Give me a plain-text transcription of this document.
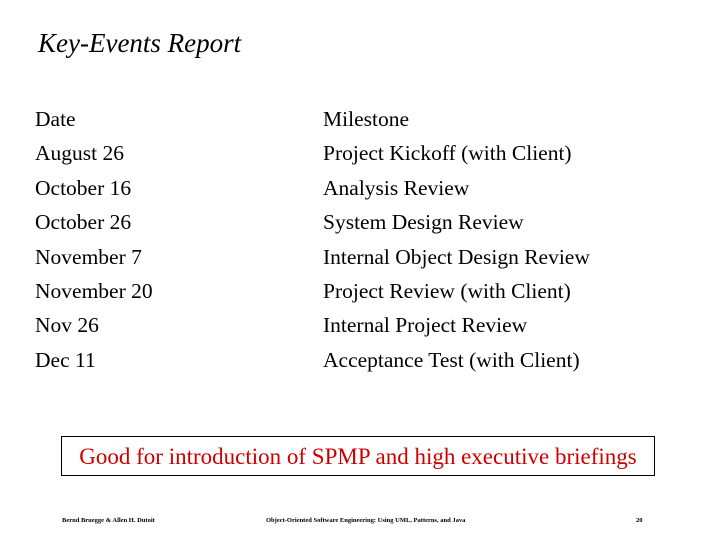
Key-Events Report
Date
August 26
October 16
October 26
November 7
November 20
Nov 26
Dec 11
Milestone
Project Kickoff (with Client)
Analysis Review
System Design Review
Internal Object Design Review
Project Review (with Client)
Internal Project Review
Acceptance Test (with Client)
Good for introduction of SPMP and high executive briefings
Bernd Bruegge & Allen H. Dutoit	Object-Oriented Software Engineering: Using UML, Patterns, and Java	20
